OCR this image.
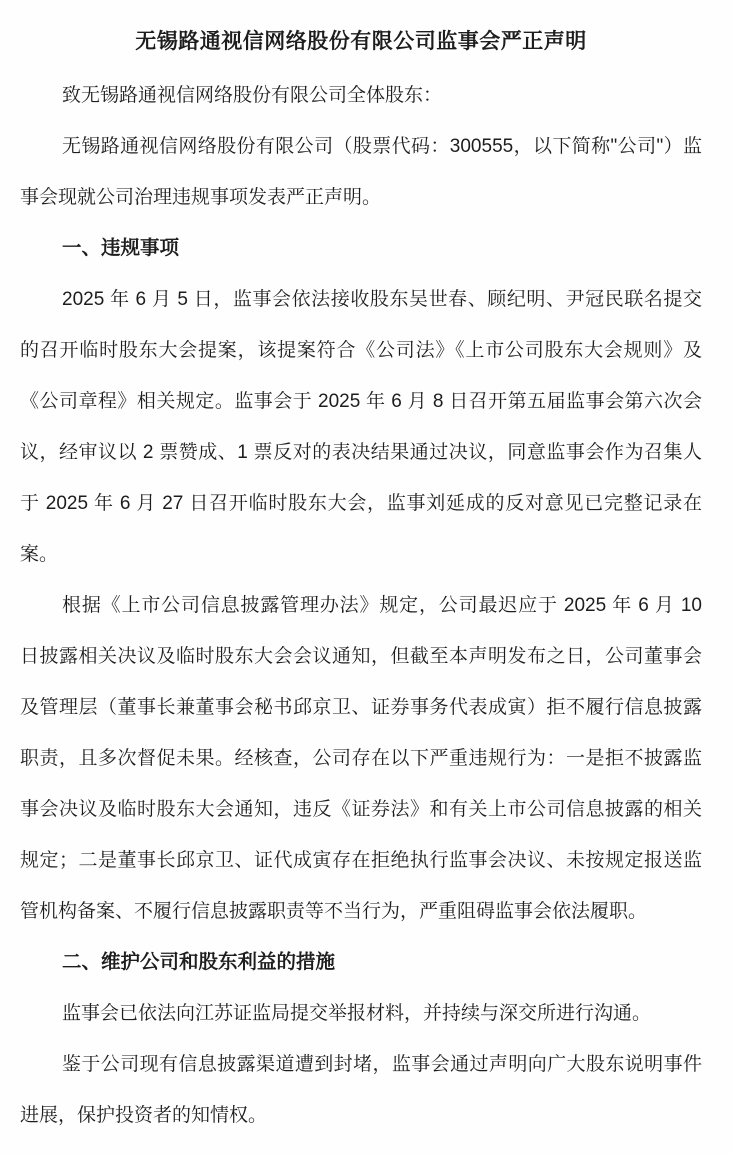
无锡路通视信网络股份有限公司监事会严正声明

致无锡路通视信网络股份有限公司全体股东：

无锡路通视信网络股份有限公司（股票代码：300555，以下简称"公司"）监

事会现就公司治理违规事项发表严正声明。

一、违规事项

2025 年 6 月 5 日，监事会依法接收股东吴世春、顾纪明、尹冠民联名提交

的召开临时股东大会提案，该提案符合《公司法》《上市公司股东大会规则》及

《公司章程》相关规定。监事会于 2025 年 6 月 8 日召开第五届监事会第六次会

议，经审议以 2 票赞成、1 票反对的表决结果通过决议，同意监事会作为召集人

于 2025 年 6 月 27 日召开临时股东大会，监事刘延成的反对意见已完整记录在

案。

根据《上市公司信息披露管理办法》规定，公司最迟应于 2025 年 6 月 10

日披露相关决议及临时股东大会会议通知，但截至本声明发布之日，公司董事会

及管理层（董事长兼董事会秘书邱京卫、证券事务代表成寅）拒不履行信息披露

职责，且多次督促未果。经核查，公司存在以下严重违规行为：一是拒不披露监

事会决议及临时股东大会通知，违反《证券法》和有关上市公司信息披露的相关

规定；二是董事长邱京卫、证代成寅存在拒绝执行监事会决议、未按规定报送监

管机构备案、不履行信息披露职责等不当行为，严重阻碍监事会依法履职。

二、维护公司和股东利益的措施

监事会已依法向江苏证监局提交举报材料，并持续与深交所进行沟通。

鉴于公司现有信息披露渠道遭到封堵，监事会通过声明向广大股东说明事件

进展，保护投资者的知情权。
